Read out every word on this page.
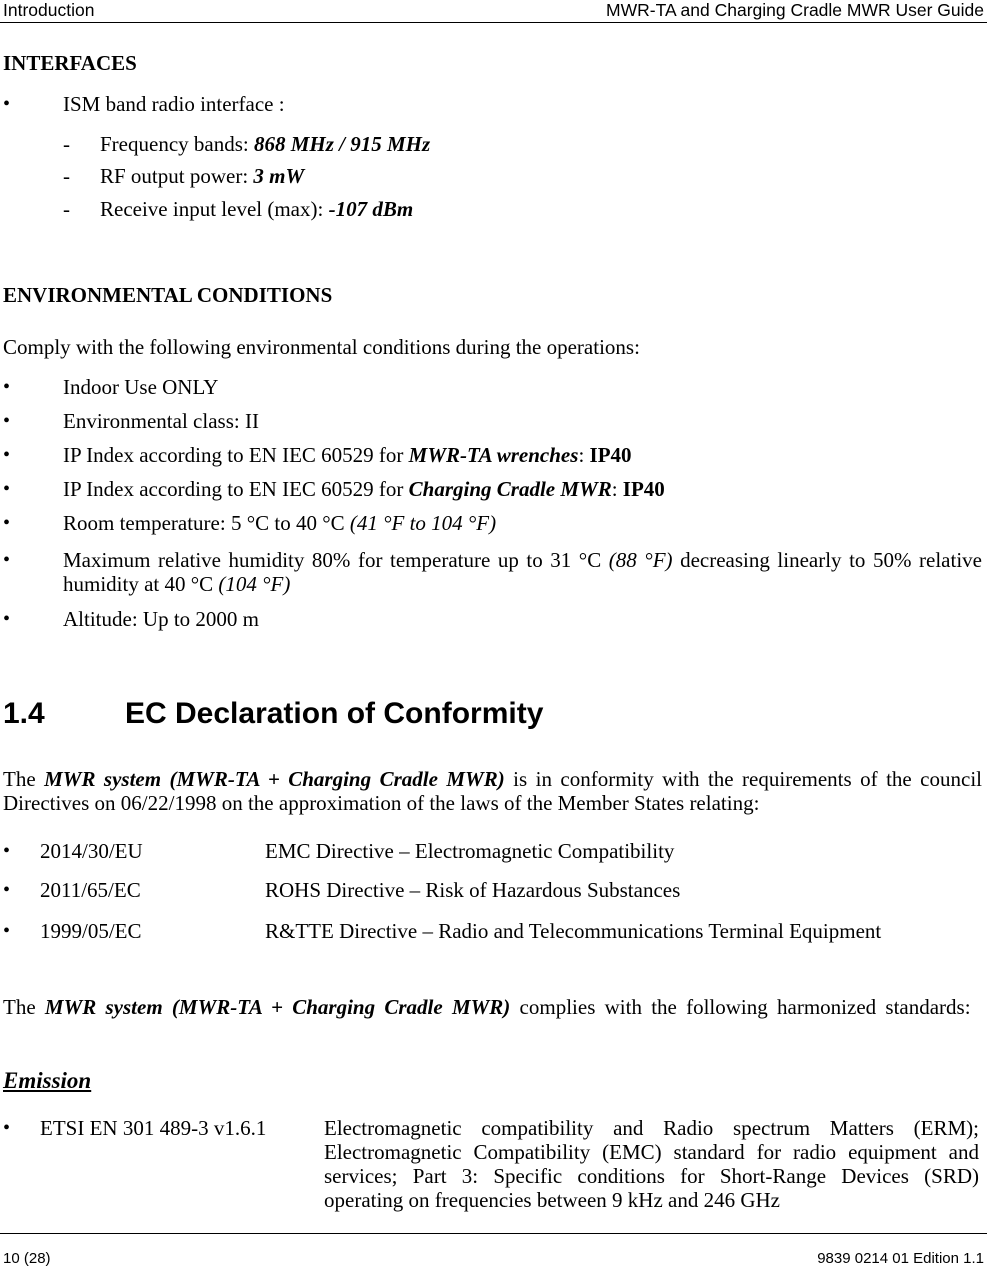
Introduction	MWR-TA and Charging Cradle MWR User Guide
INTERFACES
•	ISM band radio interface :
- Frequency bands: 868 MHz / 915 MHz
- RF output power: 3 mW
- Receive input level (max): -107 dBm
ENVIRONMENTAL CONDITIONS
Comply with the following environmental conditions during the operations:
•	Indoor Use ONLY
•	Environmental class: II
•	IP Index according to EN IEC 60529 for MWR-TA wrenches: IP40
•	IP Index according to EN IEC 60529 for Charging Cradle MWR: IP40
•	Room temperature: 5 °C to 40 °C (41 °F to 104 °F)
•	Maximum relative humidity 80% for temperature up to 31 °C (88 °F) decreasing linearly to 50% relative humidity at 40 °C (104 °F)
•	Altitude: Up to 2000 m
1.4	EC Declaration of Conformity
The MWR system (MWR-TA + Charging Cradle MWR) is in conformity with the requirements of the council Directives on 06/22/1998 on the approximation of the laws of the Member States relating:
• 2014/30/EU	EMC Directive – Electromagnetic Compatibility
• 2011/65/EC	ROHS Directive – Risk of Hazardous Substances
• 1999/05/EC	R&TTE Directive – Radio and Telecommunications Terminal Equipment
The MWR system (MWR-TA + Charging Cradle MWR) complies with the following harmonized standards:
Emission
• ETSI EN 301 489-3 v1.6.1	Electromagnetic compatibility and Radio spectrum Matters (ERM); Electromagnetic Compatibility (EMC) standard for radio equipment and services; Part 3: Specific conditions for Short-Range Devices (SRD) operating on frequencies between 9 kHz and 246 GHz
10 (28)	9839 0214 01 Edition 1.1
